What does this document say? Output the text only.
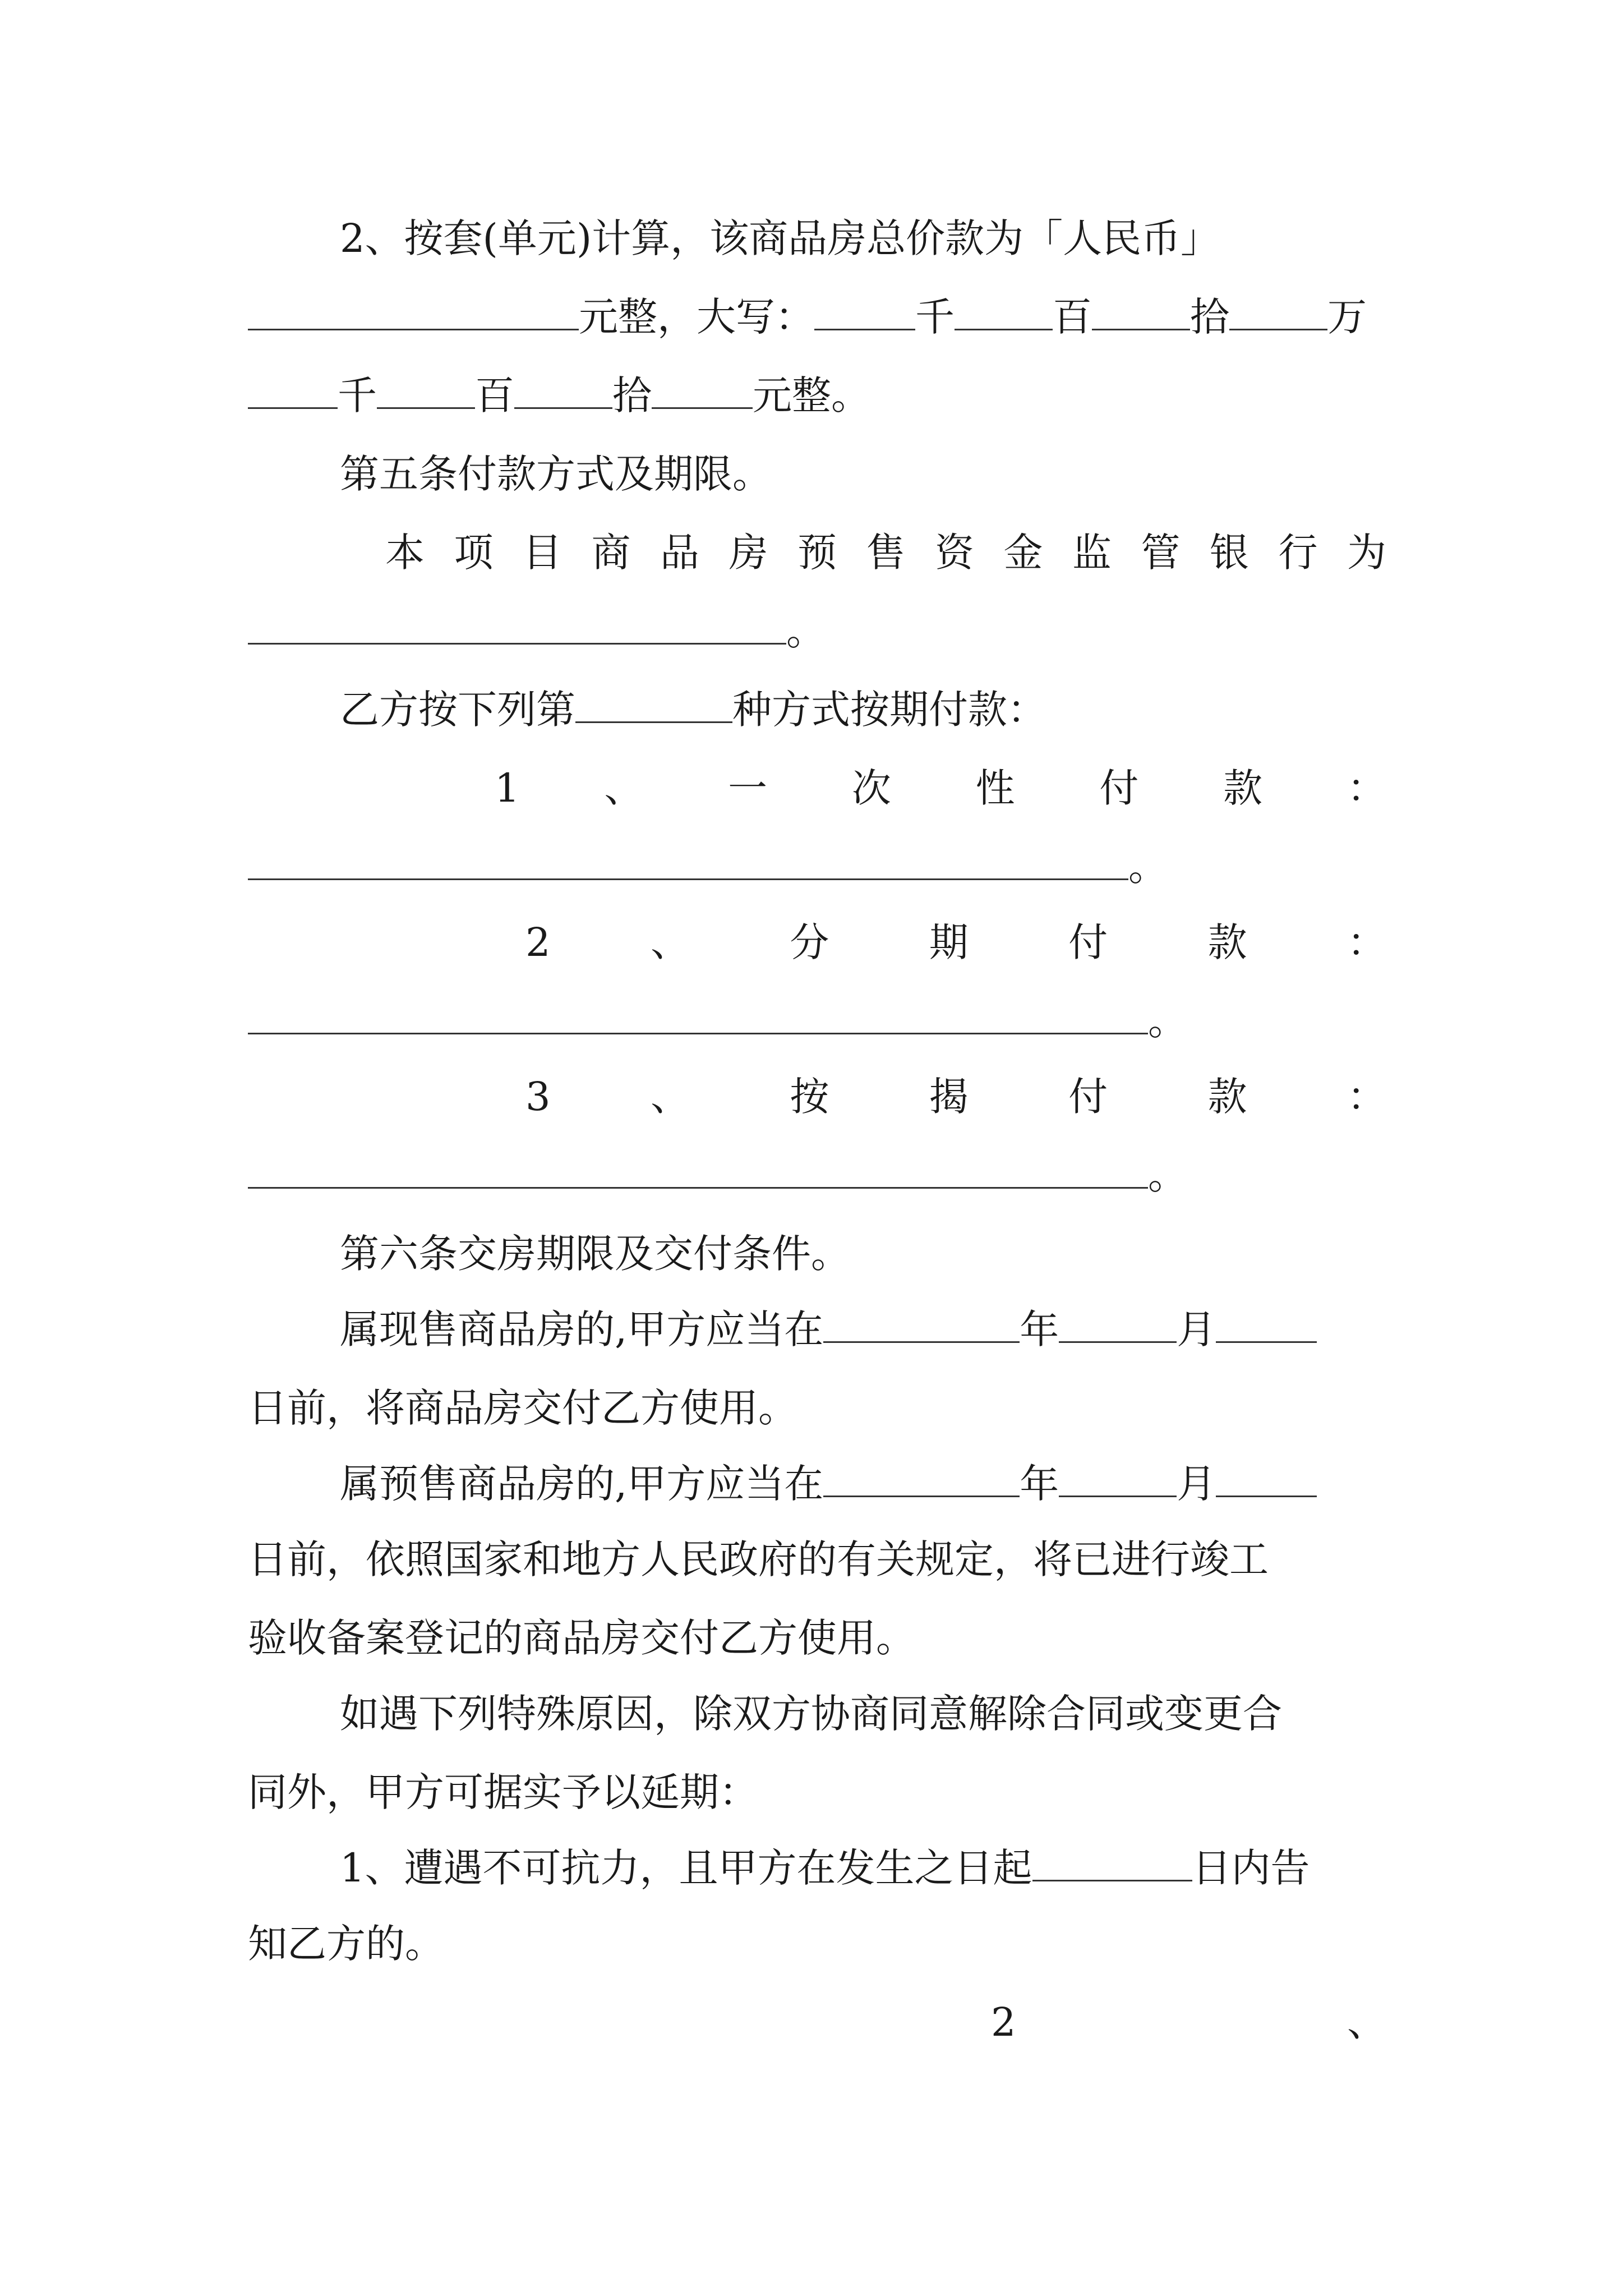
2、按套(单元)计算，该商品房总价款为「人民币」
元整，大写：	千	百	拾	万
千	百	拾	元整。
第五条付款方式及期限。
本 项 目 商 品 房 预 售 资 金 监 管 银 行 为
。
乙方按下列第	种方式按期付款：
1 、 一 次 性 付 款 ：
。
2	、	分	期	付	款	：
。
3	、	按	揭	付	款	：
。
第六条交房期限及交付条件。
属现售商品房的,甲方应当在	年	月
日前，将商品房交付乙方使用。
属预售商品房的,甲方应当在	年	月
日前，依照国家和地方人民政府的有关规定，将已进行竣工
验收备案登记的商品房交付乙方使用。
如遇下列特殊原因，除双方协商同意解除合同或变更合
同外，甲方可据实予以延期：
1、遭遇不可抗力，且甲方在发生之日起	日内告
知乙方的。
2	、
